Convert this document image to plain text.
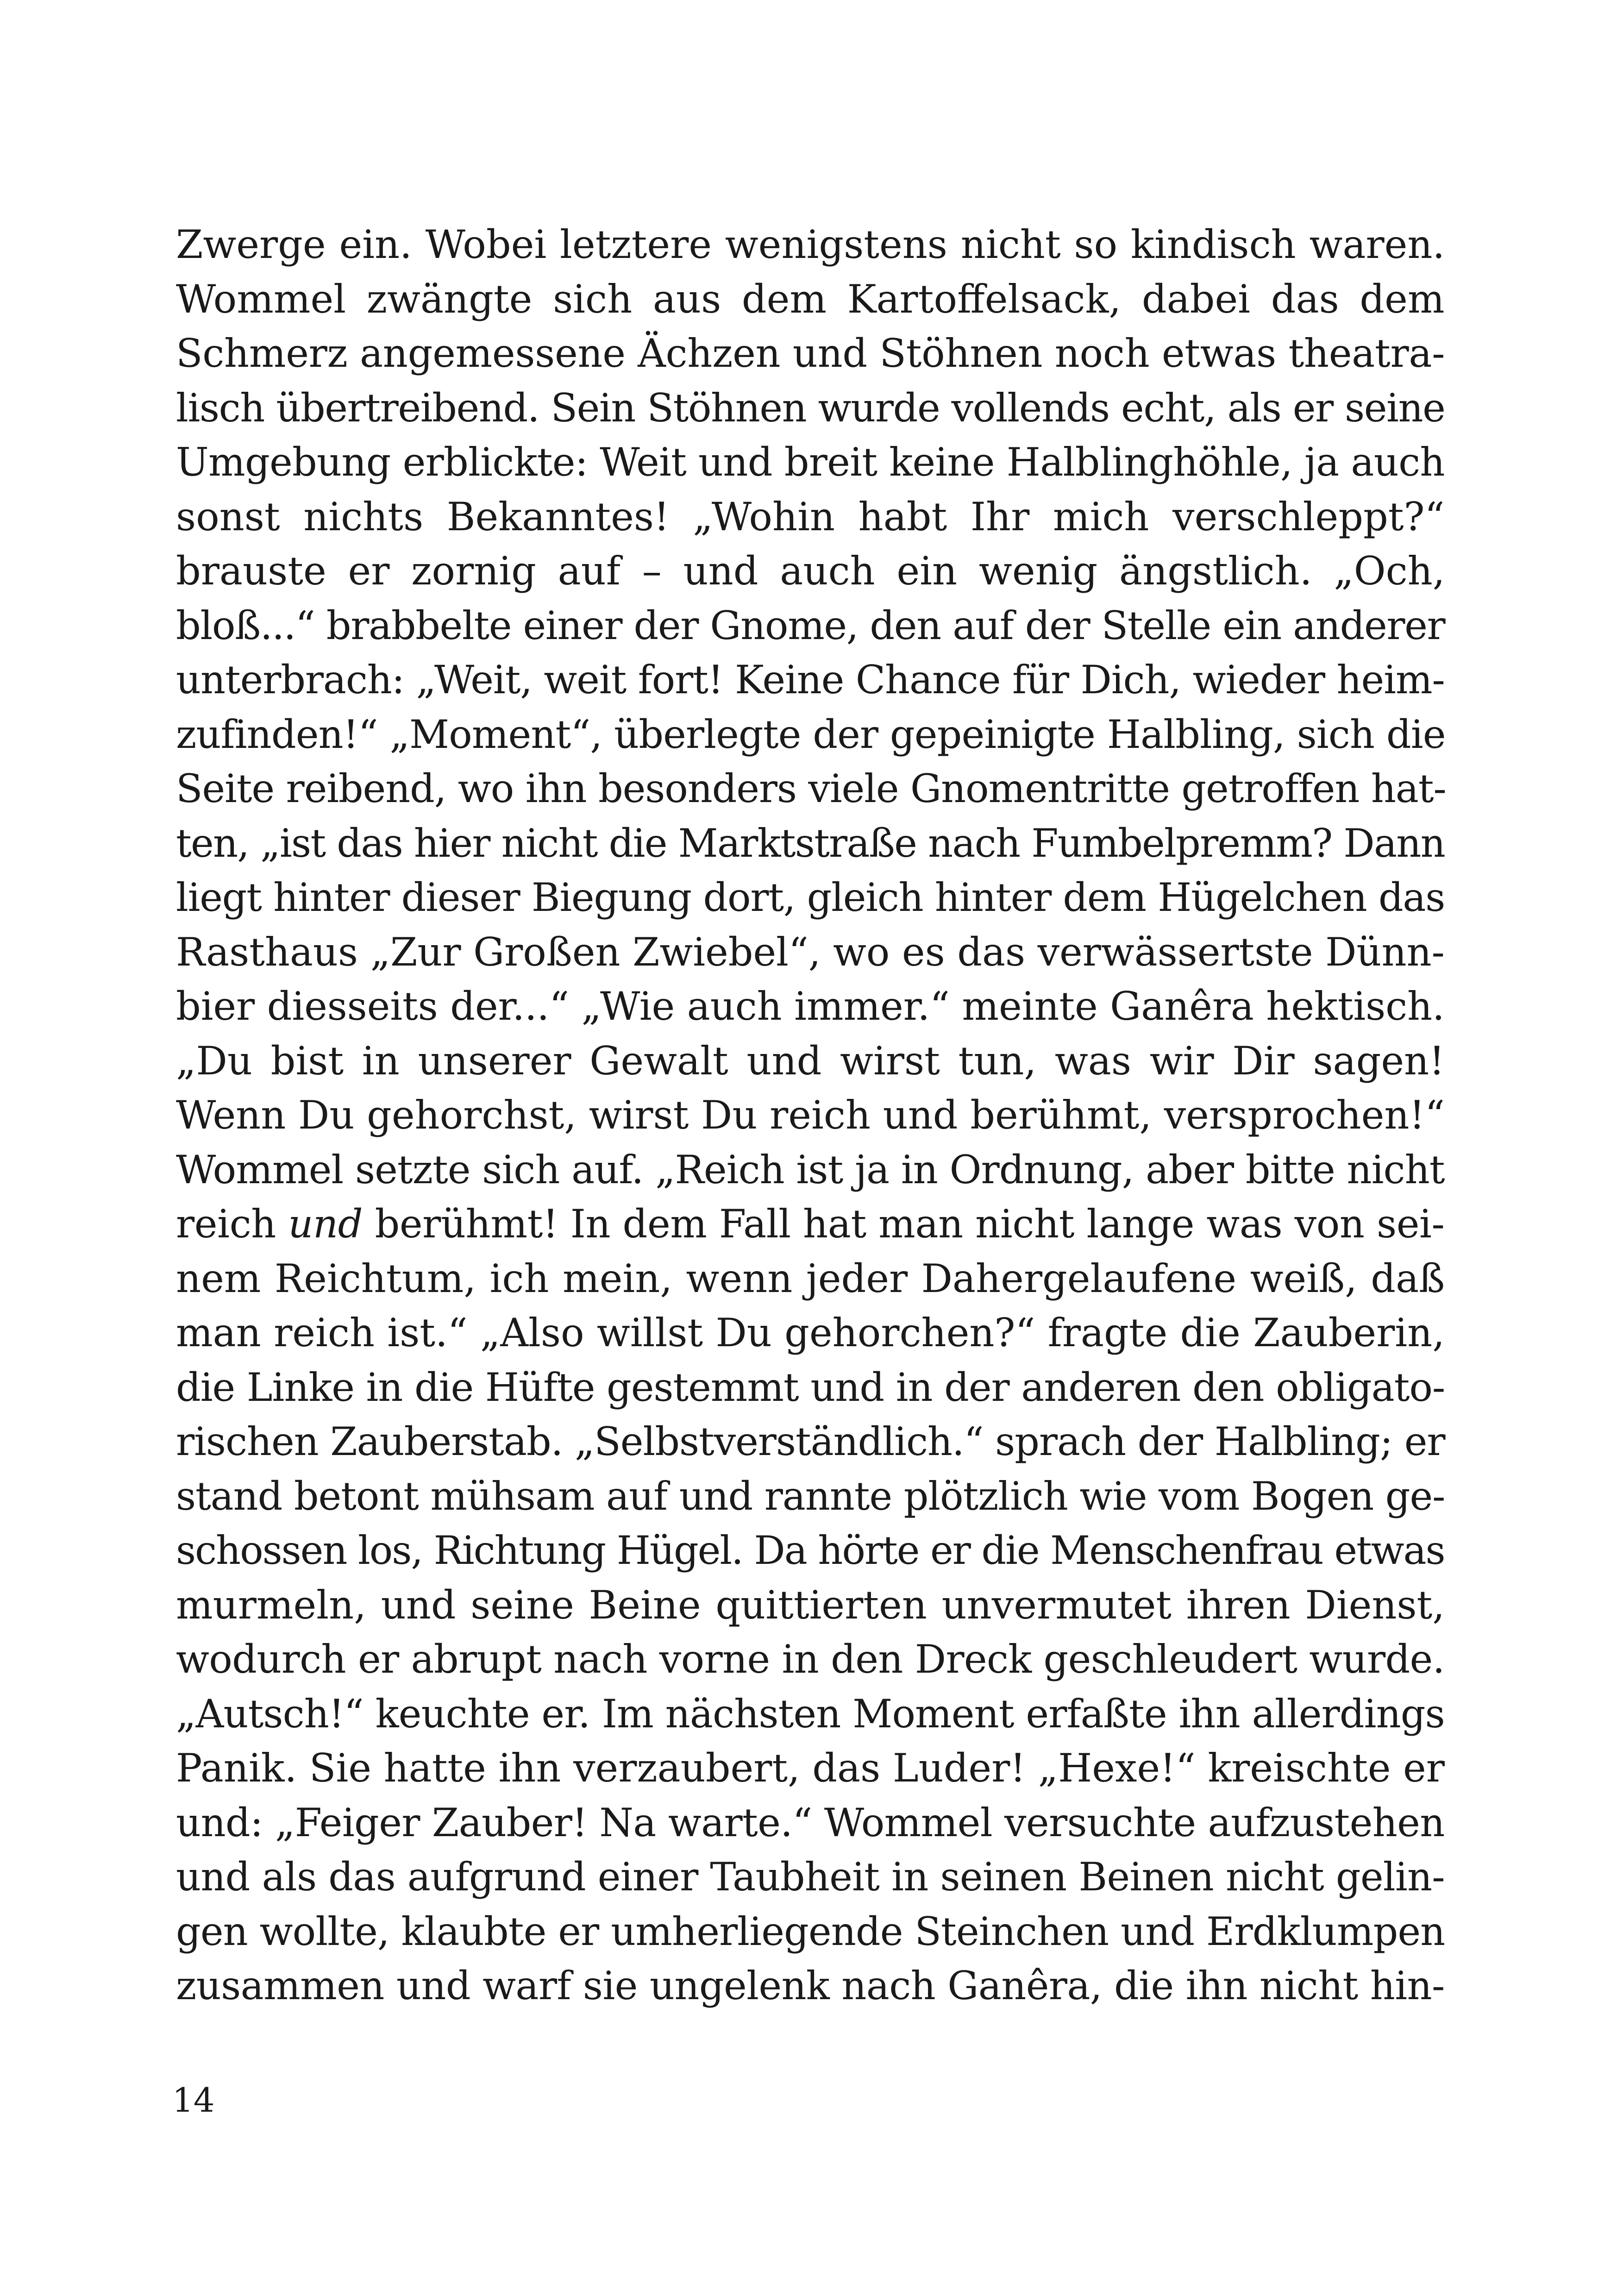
Zwerge ein. Wobei letztere wenigstens nicht so kindisch waren.
Wommel zwängte sich aus dem Kartoffelsack, dabei das dem
Schmerz angemessene Ächzen und Stöhnen noch etwas theatra-
lisch übertreibend. Sein Stöhnen wurde vollends echt, als er seine
Umgebung erblickte: Weit und breit keine Halblinghöhle, ja auch
sonst nichts Bekanntes! „Wohin habt Ihr mich verschleppt?“
brauste er zornig auf – und auch ein wenig ängstlich. „Och,
bloß...“ brabbelte einer der Gnome, den auf der Stelle ein anderer
unterbrach: „Weit, weit fort! Keine Chance für Dich, wieder heim-
zufinden!“ „Moment“, überlegte der gepeinigte Halbling, sich die
Seite reibend, wo ihn besonders viele Gnomentritte getroffen hat-
ten, „ist das hier nicht die Marktstraße nach Fumbelpremm? Dann
liegt hinter dieser Biegung dort, gleich hinter dem Hügelchen das
Rasthaus „Zur Großen Zwiebel“, wo es das verwässertste Dünn-
bier diesseits der...“ „Wie auch immer.“ meinte Ganêra hektisch.
„Du bist in unserer Gewalt und wirst tun, was wir Dir sagen!
Wenn Du gehorchst, wirst Du reich und berühmt, versprochen!“
Wommel setzte sich auf. „Reich ist ja in Ordnung, aber bitte nicht
reich und berühmt! In dem Fall hat man nicht lange was von sei-
nem Reichtum, ich mein, wenn jeder Dahergelaufene weiß, daß
man reich ist.“ „Also willst Du gehorchen?“ fragte die Zauberin,
die Linke in die Hüfte gestemmt und in der anderen den obligato-
rischen Zauberstab. „Selbstverständlich.“ sprach der Halbling; er
stand betont mühsam auf und rannte plötzlich wie vom Bogen ge-
schossen los, Richtung Hügel. Da hörte er die Menschenfrau etwas
murmeln, und seine Beine quittierten unvermutet ihren Dienst,
wodurch er abrupt nach vorne in den Dreck geschleudert wurde.
„Autsch!“ keuchte er. Im nächsten Moment erfaßte ihn allerdings
Panik. Sie hatte ihn verzaubert, das Luder! „Hexe!“ kreischte er
und: „Feiger Zauber! Na warte.“ Wommel versuchte aufzustehen
und als das aufgrund einer Taubheit in seinen Beinen nicht gelin-
gen wollte, klaubte er umherliegende Steinchen und Erdklumpen
zusammen und warf sie ungelenk nach Ganêra, die ihn nicht hin-
14
